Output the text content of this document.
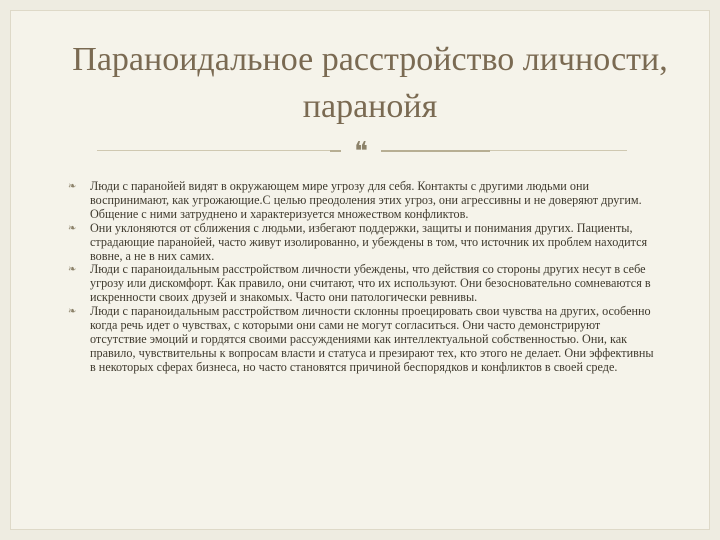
Параноидальное расстройство личности, паранойя
❝
❧	Люди с паранойей видят в окружающем мире угрозу для себя. Контакты с другими людьми они воспринимают, как угрожающие.С целью преодоления этих угроз, они агрессивны и не доверяют другим. Общение с ними затруднено и характеризуется множеством конфликтов.
❧	Они уклоняются от сближения с людьми, избегают поддержки, защиты и понимания других. Пациенты, страдающие паранойей, часто живут изолированно, и убеждены в том, что источник их проблем находится вовне, а не в них самих.
❧	Люди с параноидальным расстройством личности убеждены, что действия со стороны других несут в себе угрозу или дискомфорт. Как правило, они считают, что их используют. Они безосновательно сомневаются в искренности своих друзей и знакомых. Часто они патологически ревнивы.
❧	Люди с параноидальным расстройством личности склонны проецировать свои чувства на других, особенно когда речь идет о чувствах, с которыми они сами не могут согласиться. Они часто демонстрируют отсутствие эмоций и гордятся своими рассуждениями как интеллектуальной собственностью. Они, как правило, чувствительны к вопросам власти и статуса и презирают тех, кто этого не делает. Они эффективны в некоторых сферах бизнеса, но часто становятся причиной беспорядков и конфликтов в своей среде.
